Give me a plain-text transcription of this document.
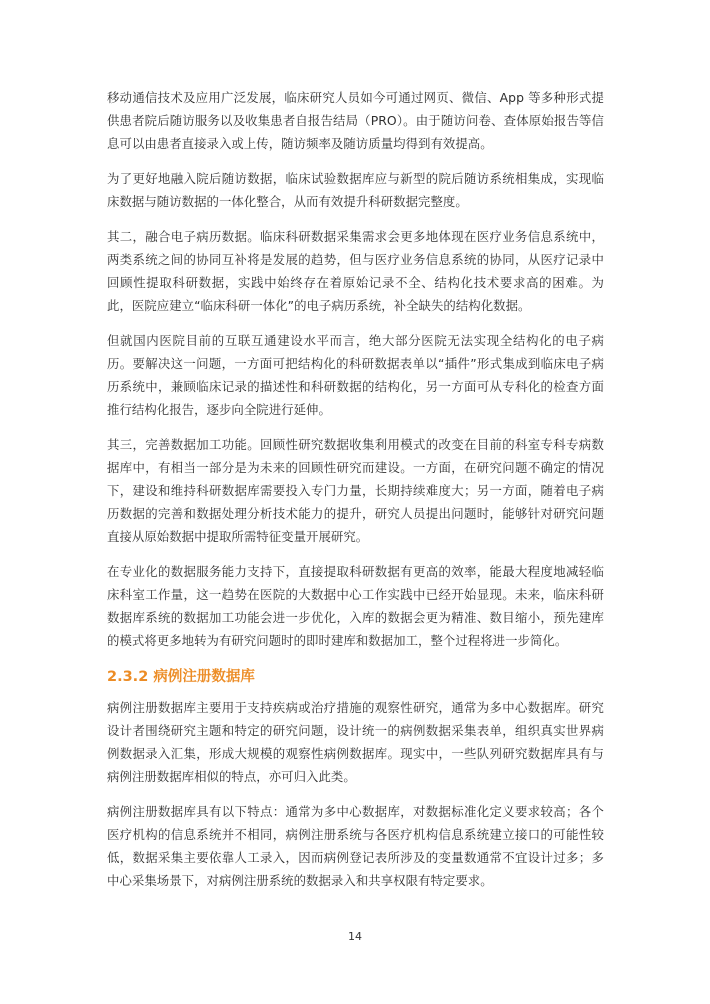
移动通信技术及应用广泛发展，临床研究人员如今可通过网页、微信、App 等多种形式提供患者院后随访服务以及收集患者自报告结局（PRO）。由于随访问卷、查体原始报告等信息可以由患者直接录入或上传，随访频率及随访质量均得到有效提高。

为了更好地融入院后随访数据，临床试验数据库应与新型的院后随访系统相集成，实现临床数据与随访数据的一体化整合，从而有效提升科研数据完整度。

其二，融合电子病历数据。临床科研数据采集需求会更多地体现在医疗业务信息系统中，两类系统之间的协同互补将是发展的趋势，但与医疗业务信息系统的协同，从医疗记录中回顾性提取科研数据，实践中始终存在着原始记录不全、结构化技术要求高的困难。为此，医院应建立“临床科研一体化”的电子病历系统，补全缺失的结构化数据。

但就国内医院目前的互联互通建设水平而言，绝大部分医院无法实现全结构化的电子病历。要解决这一问题，一方面可把结构化的科研数据表单以“插件”形式集成到临床电子病历系统中，兼顾临床记录的描述性和科研数据的结构化，另一方面可从专科化的检查方面推行结构化报告，逐步向全院进行延伸。

其三，完善数据加工功能。回顾性研究数据收集利用模式的改变在目前的科室专科专病数据库中，有相当一部分是为未来的回顾性研究而建设。一方面，在研究问题不确定的情况下，建设和维持科研数据库需要投入专门力量，长期持续难度大；另一方面，随着电子病历数据的完善和数据处理分析技术能力的提升，研究人员提出问题时，能够针对研究问题直接从原始数据中提取所需特征变量开展研究。

在专业化的数据服务能力支持下，直接提取科研数据有更高的效率，能最大程度地减轻临床科室工作量，这一趋势在医院的大数据中心工作实践中已经开始显现。未来，临床科研数据库系统的数据加工功能会进一步优化，入库的数据会更为精准、数目缩小，预先建库的模式将更多地转为有研究问题时的即时建库和数据加工，整个过程将进一步简化。

2.3.2 病例注册数据库

病例注册数据库主要用于支持疾病或治疗措施的观察性研究，通常为多中心数据库。研究设计者围绕研究主题和特定的研究问题，设计统一的病例数据采集表单，组织真实世界病例数据录入汇集，形成大规模的观察性病例数据库。现实中，一些队列研究数据库具有与病例注册数据库相似的特点，亦可归入此类。

病例注册数据库具有以下特点：通常为多中心数据库，对数据标准化定义要求较高；各个医疗机构的信息系统并不相同，病例注册系统与各医疗机构信息系统建立接口的可能性较低，数据采集主要依靠人工录入，因而病例登记表所涉及的变量数通常不宜设计过多；多中心采集场景下，对病例注册系统的数据录入和共享权限有特定要求。

14
